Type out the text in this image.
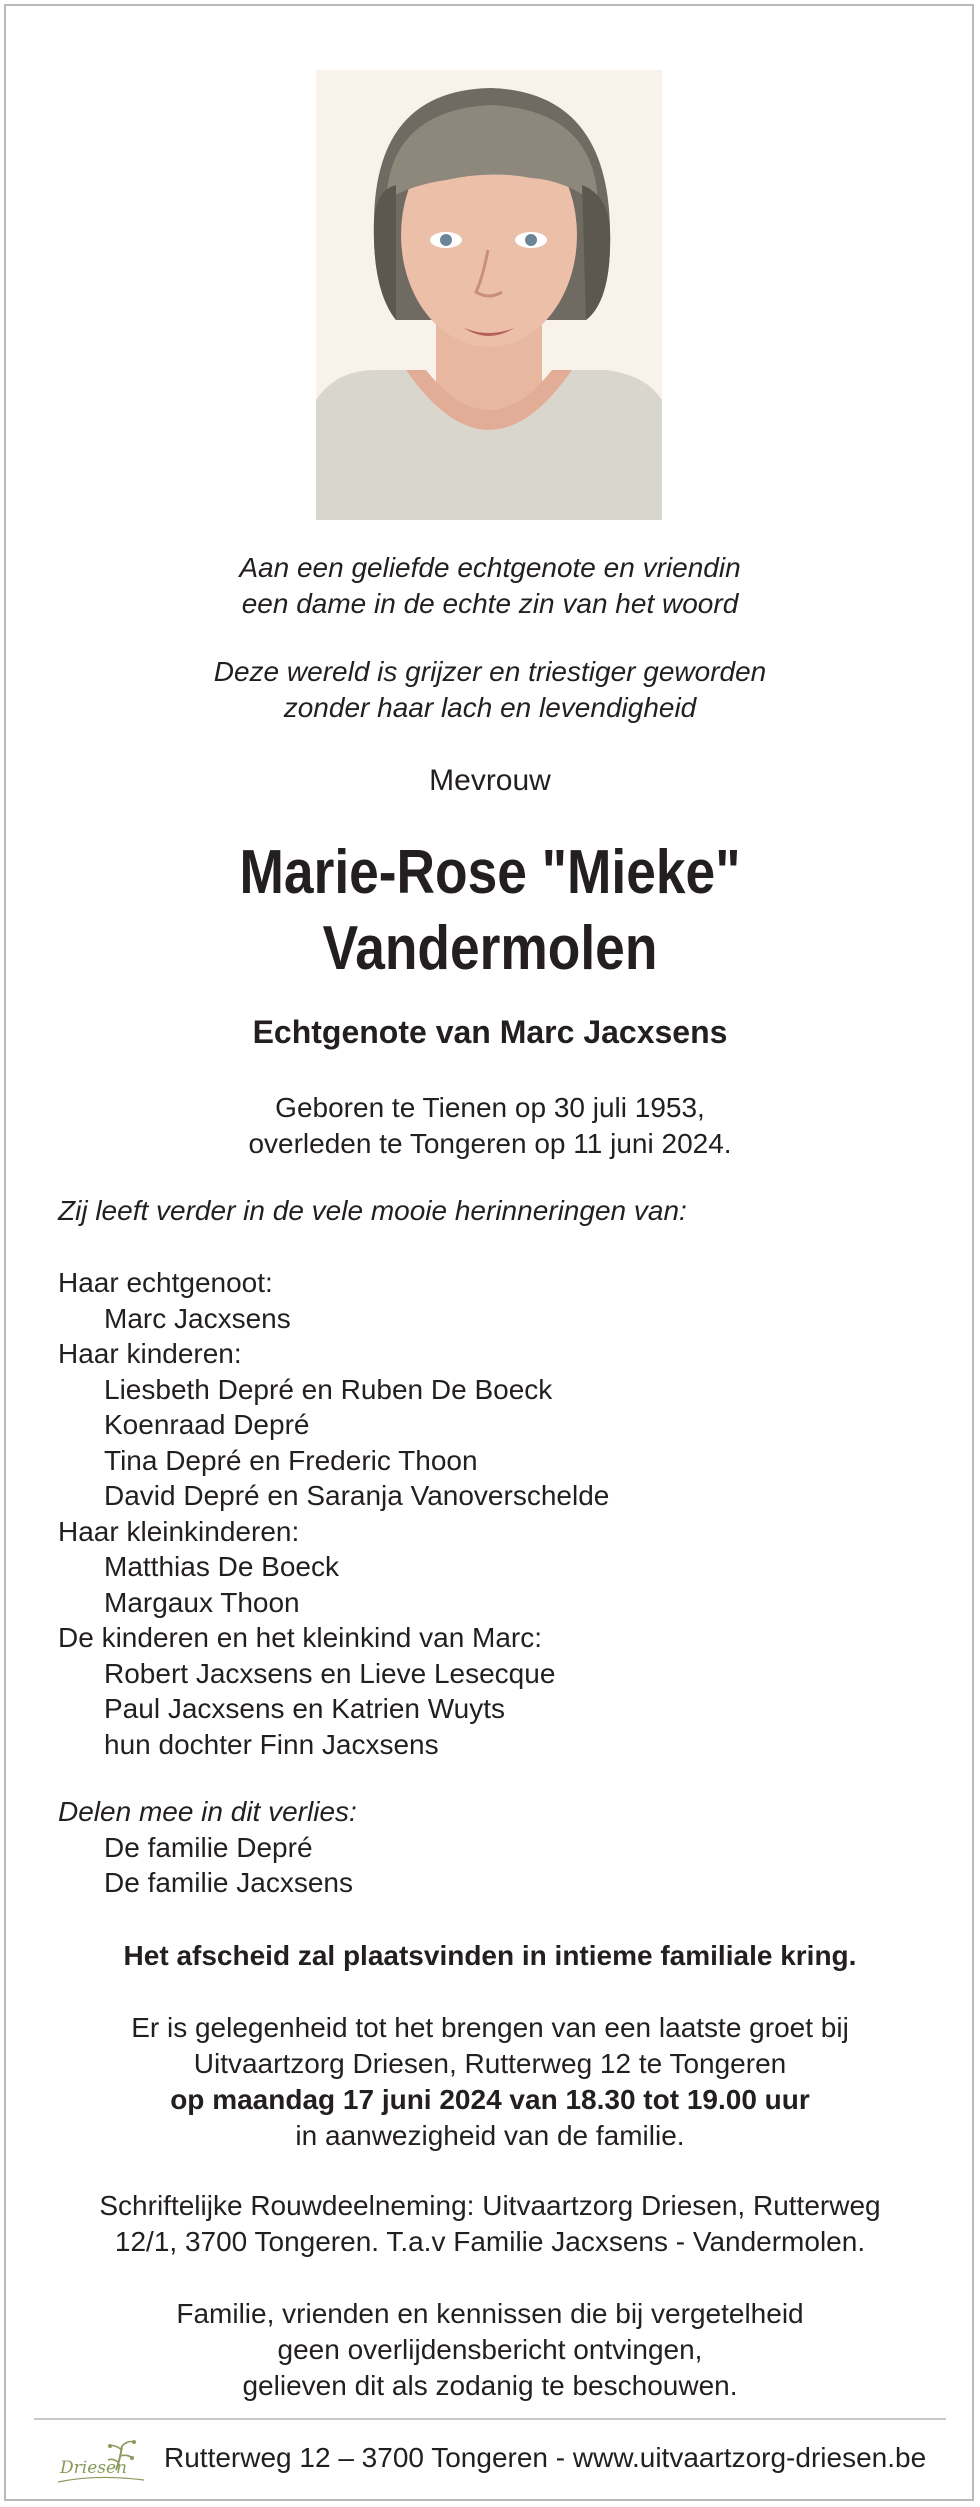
Aan een geliefde echtgenote en vriendin
een dame in de echte zin van het woord
Deze wereld is grijzer en triestiger geworden
zonder haar lach en levendigheid
Mevrouw
Marie-Rose "Mieke"
Vandermolen
Echtgenote van Marc Jacxsens
Geboren te Tienen op 30 juli 1953,
overleden te Tongeren op 11 juni 2024.
Zij leeft verder in de vele mooie herinneringen van:
Haar echtgenoot:
Marc Jacxsens
Haar kinderen:
Liesbeth Depré en Ruben De Boeck
Koenraad Depré
Tina Depré en Frederic Thoon
David Depré en Saranja Vanoverschelde
Haar kleinkinderen:
Matthias De Boeck
Margaux Thoon
De kinderen en het kleinkind van Marc:
Robert Jacxsens en Lieve Lesecque
Paul Jacxsens en Katrien Wuyts
hun dochter Finn Jacxsens
Delen mee in dit verlies:
De familie Depré
De familie Jacxsens
Het afscheid zal plaatsvinden in intieme familiale kring.
Er is gelegenheid tot het brengen van een laatste groet bij
Uitvaartzorg Driesen, Rutterweg 12 te Tongeren
op maandag 17 juni 2024 van 18.30 tot 19.00 uur
in aanwezigheid van de familie.
Schriftelijke Rouwdeelneming: Uitvaartzorg Driesen, Rutterweg
12/1, 3700 Tongeren. T.a.v Familie Jacxsens - Vandermolen.
Familie, vrienden en kennissen die bij vergetelheid
geen overlijdensbericht ontvingen,
gelieven dit als zodanig te beschouwen.
Driesen Rutterweg 12 – 3700 Tongeren - www.uitvaartzorg-driesen.be
